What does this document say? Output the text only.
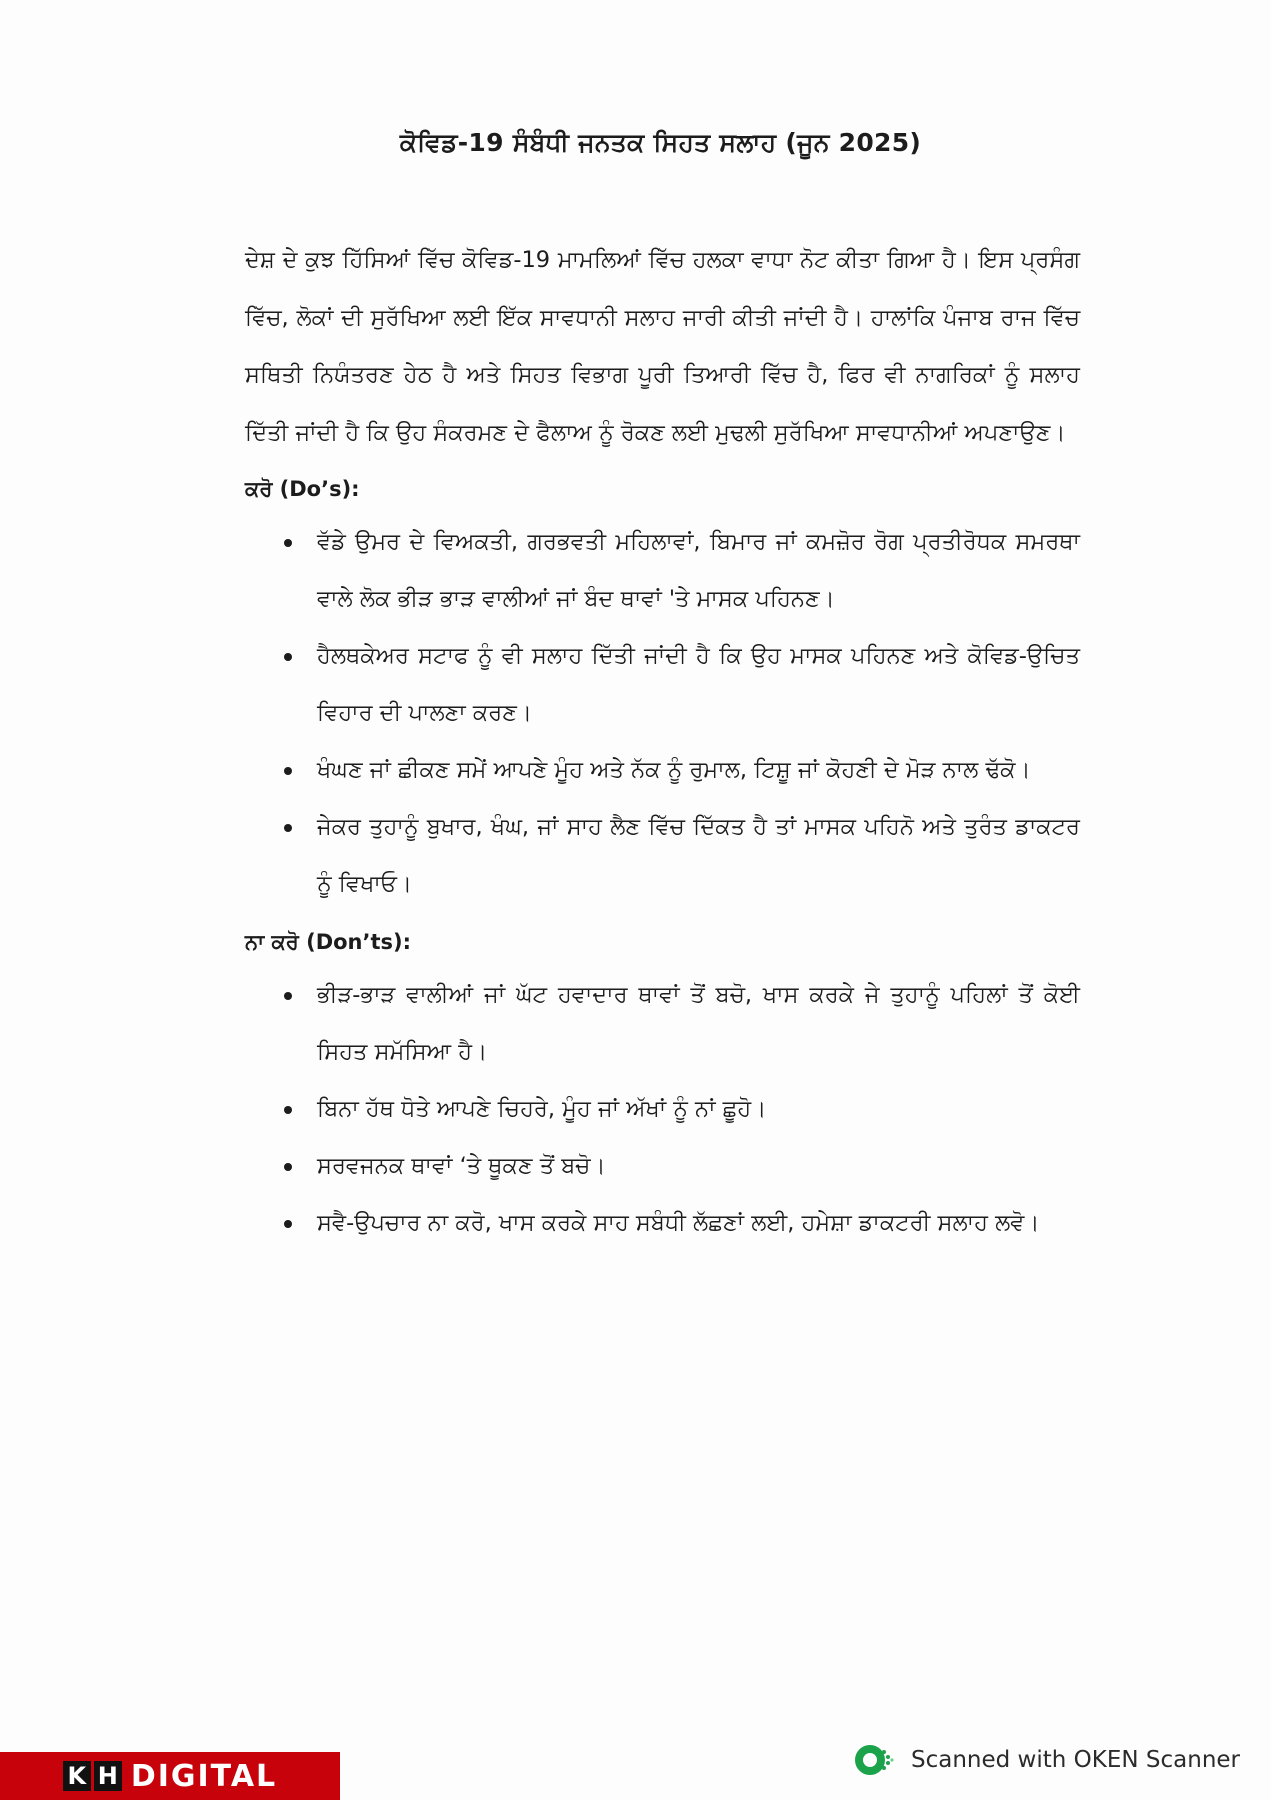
ਕੋਵਿਡ-19 ਸੰਬੰਧੀ ਜਨਤਕ ਸਿਹਤ ਸਲਾਹ (ਜੂਨ 2025)

ਦੇਸ਼ ਦੇ ਕੁਝ ਹਿੱਸਿਆਂ ਵਿੱਚ ਕੋਵਿਡ-19 ਮਾਮਲਿਆਂ ਵਿੱਚ ਹਲਕਾ ਵਾਧਾ ਨੋਟ ਕੀਤਾ ਗਿਆ ਹੈ। ਇਸ ਪ੍ਰਸੰਗ ਵਿੱਚ, ਲੋਕਾਂ ਦੀ ਸੁਰੱਖਿਆ ਲਈ ਇੱਕ ਸਾਵਧਾਨੀ ਸਲਾਹ ਜਾਰੀ ਕੀਤੀ ਜਾਂਦੀ ਹੈ। ਹਾਲਾਂਕਿ ਪੰਜਾਬ ਰਾਜ ਵਿੱਚ ਸਥਿਤੀ ਨਿਯੰਤਰਣ ਹੇਠ ਹੈ ਅਤੇ ਸਿਹਤ ਵਿਭਾਗ ਪੂਰੀ ਤਿਆਰੀ ਵਿੱਚ ਹੈ, ਫਿਰ ਵੀ ਨਾਗਰਿਕਾਂ ਨੂੰ ਸਲਾਹ ਦਿੱਤੀ ਜਾਂਦੀ ਹੈ ਕਿ ਉਹ ਸੰਕਰਮਣ ਦੇ ਫੈਲਾਅ ਨੂੰ ਰੋਕਣ ਲਈ ਮੁਢਲੀ ਸੁਰੱਖਿਆ ਸਾਵਧਾਨੀਆਂ ਅਪਣਾਉਣ।

ਕਰੋ (Do’s):
ਵੱਡੇ ਉਮਰ ਦੇ ਵਿਅਕਤੀ, ਗਰਭਵਤੀ ਮਹਿਲਾਵਾਂ, ਬਿਮਾਰ ਜਾਂ ਕਮਜ਼ੋਰ ਰੋਗ ਪ੍ਰਤੀਰੋਧਕ ਸਮਰਥਾ ਵਾਲੇ ਲੋਕ ਭੀੜ ਭਾੜ ਵਾਲੀਆਂ ਜਾਂ ਬੰਦ ਥਾਵਾਂ 'ਤੇ ਮਾਸਕ ਪਹਿਨਣ।
ਹੈਲਥਕੇਅਰ ਸਟਾਫ ਨੂੰ ਵੀ ਸਲਾਹ ਦਿੱਤੀ ਜਾਂਦੀ ਹੈ ਕਿ ਉਹ ਮਾਸਕ ਪਹਿਨਣ ਅਤੇ ਕੋਵਿਡ-ਉਚਿਤ ਵਿਹਾਰ ਦੀ ਪਾਲਣਾ ਕਰਣ।
ਖੰਘਣ ਜਾਂ ਛੀਕਣ ਸਮੇਂ ਆਪਣੇ ਮੂੰਹ ਅਤੇ ਨੱਕ ਨੂੰ ਰੁਮਾਲ, ਟਿਸ਼ੂ ਜਾਂ ਕੋਹਣੀ ਦੇ ਮੋੜ ਨਾਲ ਢੱਕੋ।
ਜੇਕਰ ਤੁਹਾਨੂੰ ਬੁਖਾਰ, ਖੰਘ, ਜਾਂ ਸਾਹ ਲੈਣ ਵਿੱਚ ਦਿੱਕਤ ਹੈ ਤਾਂ ਮਾਸਕ ਪਹਿਨੋ ਅਤੇ ਤੁਰੰਤ ਡਾਕਟਰ ਨੂੰ ਵਿਖਾਓ।
ਨਾ ਕਰੋ (Don’ts):
ਭੀੜ-ਭਾੜ ਵਾਲੀਆਂ ਜਾਂ ਘੱਟ ਹਵਾਦਾਰ ਥਾਵਾਂ ਤੋਂ ਬਚੋ, ਖਾਸ ਕਰਕੇ ਜੇ ਤੁਹਾਨੂੰ ਪਹਿਲਾਂ ਤੋਂ ਕੋਈ ਸਿਹਤ ਸਮੱਸਿਆ ਹੈ।
ਬਿਨਾ ਹੱਥ ਧੋਤੇ ਆਪਣੇ ਚਿਹਰੇ, ਮੂੰਹ ਜਾਂ ਅੱਖਾਂ ਨੂੰ ਨਾਂ ਛੂਹੋ।
ਸਰਵਜਨਕ ਥਾਵਾਂ ‘ਤੇ ਥੂਕਣ ਤੋਂ ਬਚੋ।
ਸਵੈ-ਉਪਚਾਰ ਨਾ ਕਰੋ, ਖਾਸ ਕਰਕੇ ਸਾਹ ਸਬੰਧੀ ਲੱਛਣਾਂ ਲਈ, ਹਮੇਸ਼ਾ ਡਾਕਟਰੀ ਸਲਾਹ ਲਵੋ।
K H DIGITAL	Scanned with OKEN Scanner
